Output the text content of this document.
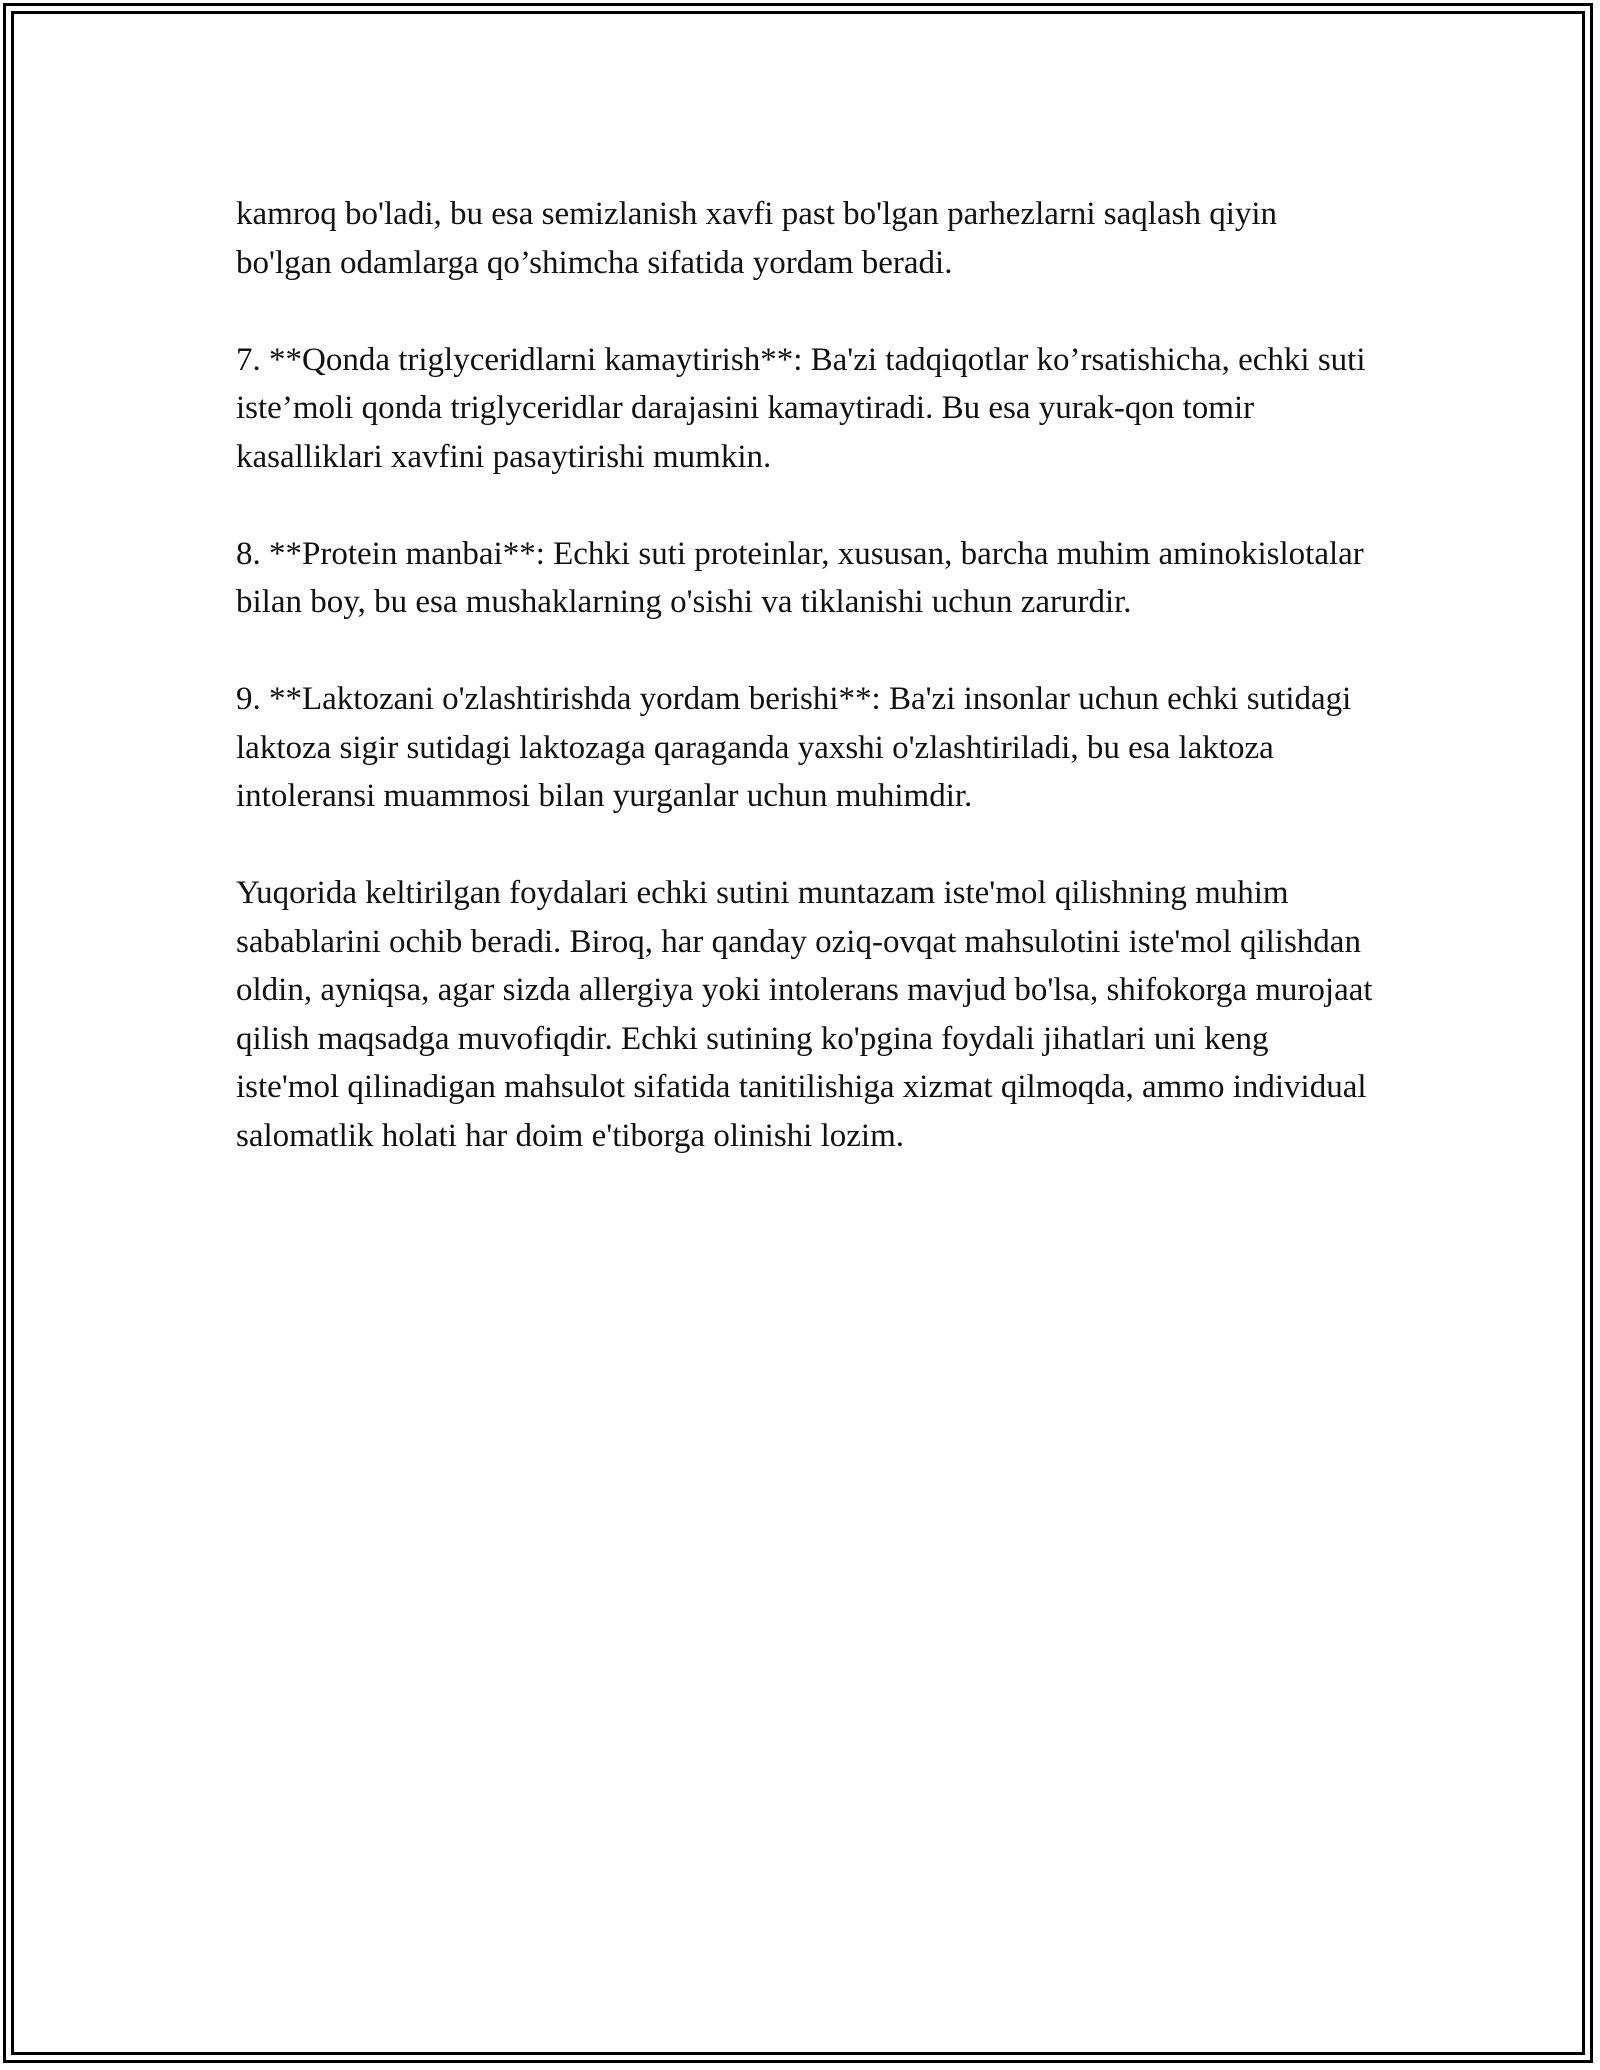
kamroq bo'ladi, bu esa semizlanish xavfi past bo'lgan parhezlarni saqlash qiyin bo'lgan odamlarga qo’shimcha sifatida yordam beradi.

7. **Qonda triglyceridlarni kamaytirish**: Ba'zi tadqiqotlar ko’rsatishicha, echki suti iste’moli qonda triglyceridlar darajasini kamaytiradi. Bu esa yurak-qon tomir kasalliklari xavfini pasaytirishi mumkin.

8. **Protein manbai**: Echki suti proteinlar, xususan, barcha muhim aminokislotalar bilan boy, bu esa mushaklarning o'sishi va tiklanishi uchun zarurdir.

9. **Laktozani o'zlashtirishda yordam berishi**: Ba'zi insonlar uchun echki sutidagi laktoza sigir sutidagi laktozaga qaraganda yaxshi o'zlashtiriladi, bu esa laktoza intoleransi muammosi bilan yurganlar uchun muhimdir.

Yuqorida keltirilgan foydalari echki sutini muntazam iste'mol qilishning muhim sabablarini ochib beradi. Biroq, har qanday oziq-ovqat mahsulotini iste'mol qilishdan oldin, ayniqsa, agar sizda allergiya yoki intolerans mavjud bo'lsa, shifokorga murojaat qilish maqsadga muvofiqdir. Echki sutining ko'pgina foydali jihatlari uni keng iste'mol qilinadigan mahsulot sifatida tanitilishiga xizmat qilmoqda, ammo individual salomatlik holati har doim e'tiborga olinishi lozim.
